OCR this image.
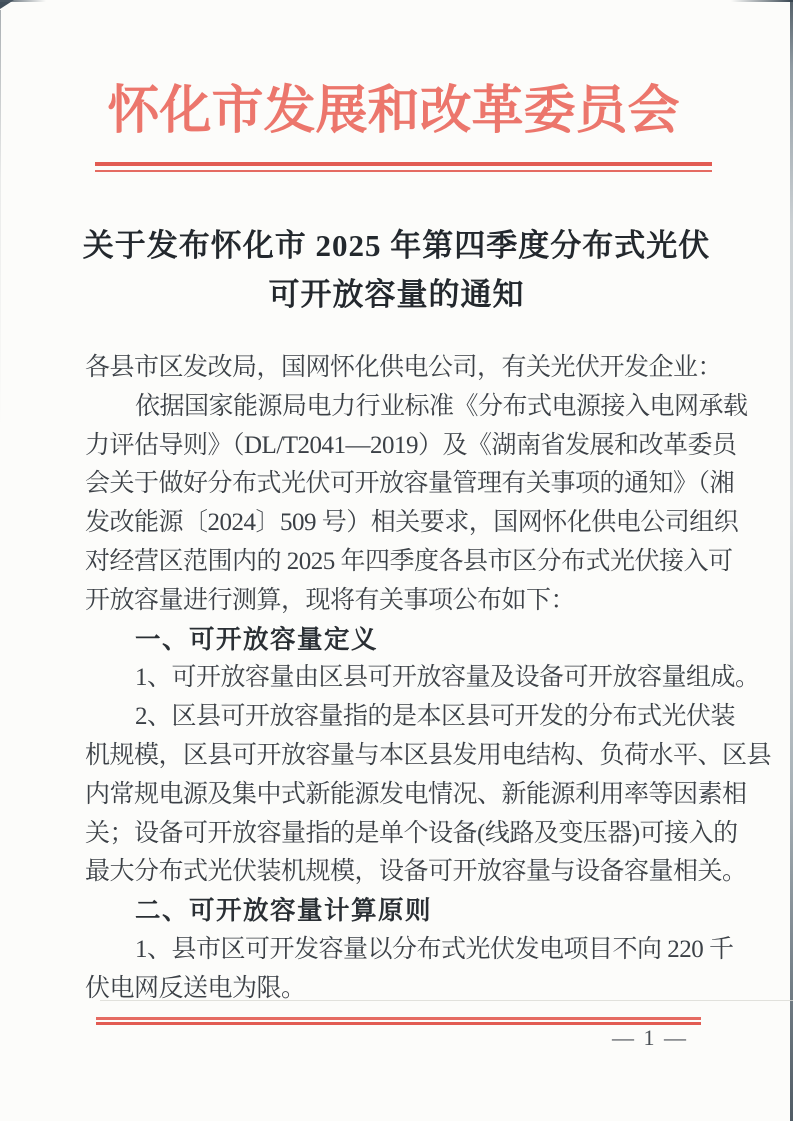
怀化市发展和改革委员会
关于发布怀化市 2025 年第四季度分布式光伏
可开放容量的通知
各县市区发改局，国网怀化供电公司，有关光伏开发企业：
依据国家能源局电力行业标准《分布式电源接入电网承载
力评估导则》（DL/T2041—2019）及《湖南省发展和改革委员
会关于做好分布式光伏可开放容量管理有关事项的通知》（湘
发改能源〔2024〕509 号）相关要求，国网怀化供电公司组织
对经营区范围内的 2025 年四季度各县市区分布式光伏接入可
开放容量进行测算，现将有关事项公布如下：
一、可开放容量定义
1、可开放容量由区县可开放容量及设备可开放容量组成。
2、区县可开放容量指的是本区县可开发的分布式光伏装
机规模，区县可开放容量与本区县发用电结构、负荷水平、区县
内常规电源及集中式新能源发电情况、新能源利用率等因素相
关；设备可开放容量指的是单个设备(线路及变压器)可接入的
最大分布式光伏装机规模，设备可开放容量与设备容量相关。
二、可开放容量计算原则
1、县市区可开发容量以分布式光伏发电项目不向 220 千
伏电网反送电为限。
— 1 —
